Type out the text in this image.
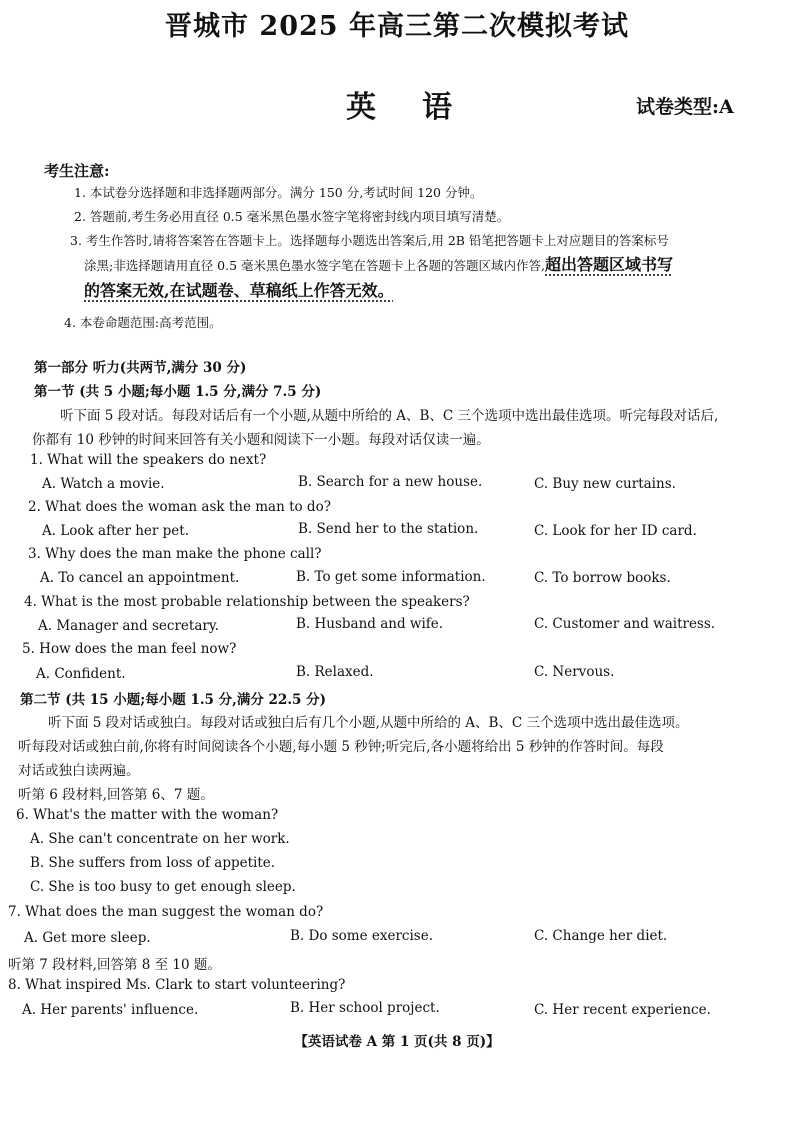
晋城市 2025 年高三第二次模拟考试
英语	试卷类型:A
考生注意:
1. 本试卷分选择题和非选择题两部分。满分 150 分,考试时间 120 分钟。
2. 答题前,考生务必用直径 0.5 毫米黑色墨水签字笔将密封线内项目填写清楚。
3. 考生作答时,请将答案答在答题卡上。选择题每小题选出答案后,用 2B 铅笔把答题卡上对应题目的答案标号
涂黑;非选择题请用直径 0.5 毫米黑色墨水签字笔在答题卡上各题的答题区域内作答,超出答题区域书写
的答案无效,在试题卷、草稿纸上作答无效。
4. 本卷命题范围:高考范围。
第一部分 听力(共两节,满分 30 分)
第一节 (共 5 小题;每小题 1.5 分,满分 7.5 分)
听下面 5 段对话。每段对话后有一个小题,从题中所给的 A、B、C 三个选项中选出最佳选项。听完每段对话后,
你都有 10 秒钟的时间来回答有关小题和阅读下一小题。每段对话仅读一遍。
1. What will the speakers do next?
A. Watch a movie.	B. Search for a new house.	C. Buy new curtains.
2. What does the woman ask the man to do?
A. Look after her pet.	B. Send her to the station.	C. Look for her ID card.
3. Why does the man make the phone call?
A. To cancel an appointment.	B. To get some information.	C. To borrow books.
4. What is the most probable relationship between the speakers?
A. Manager and secretary.	B. Husband and wife.	C. Customer and waitress.
5. How does the man feel now?
A. Confident.	B. Relaxed.	C. Nervous.
第二节 (共 15 小题;每小题 1.5 分,满分 22.5 分)
听下面 5 段对话或独白。每段对话或独白后有几个小题,从题中所给的 A、B、C 三个选项中选出最佳选项。
听每段对话或独白前,你将有时间阅读各个小题,每小题 5 秒钟;听完后,各小题将给出 5 秒钟的作答时间。每段
对话或独白读两遍。
听第 6 段材料,回答第 6、7 题。
6. What's the matter with the woman?
A. She can't concentrate on her work.
B. She suffers from loss of appetite.
C. She is too busy to get enough sleep.
7. What does the man suggest the woman do?
A. Get more sleep.	B. Do some exercise.	C. Change her diet.
听第 7 段材料,回答第 8 至 10 题。
8. What inspired Ms. Clark to start volunteering?
A. Her parents' influence.	B. Her school project.	C. Her recent experience.
【英语试卷 A 第 1 页(共 8 页)】
